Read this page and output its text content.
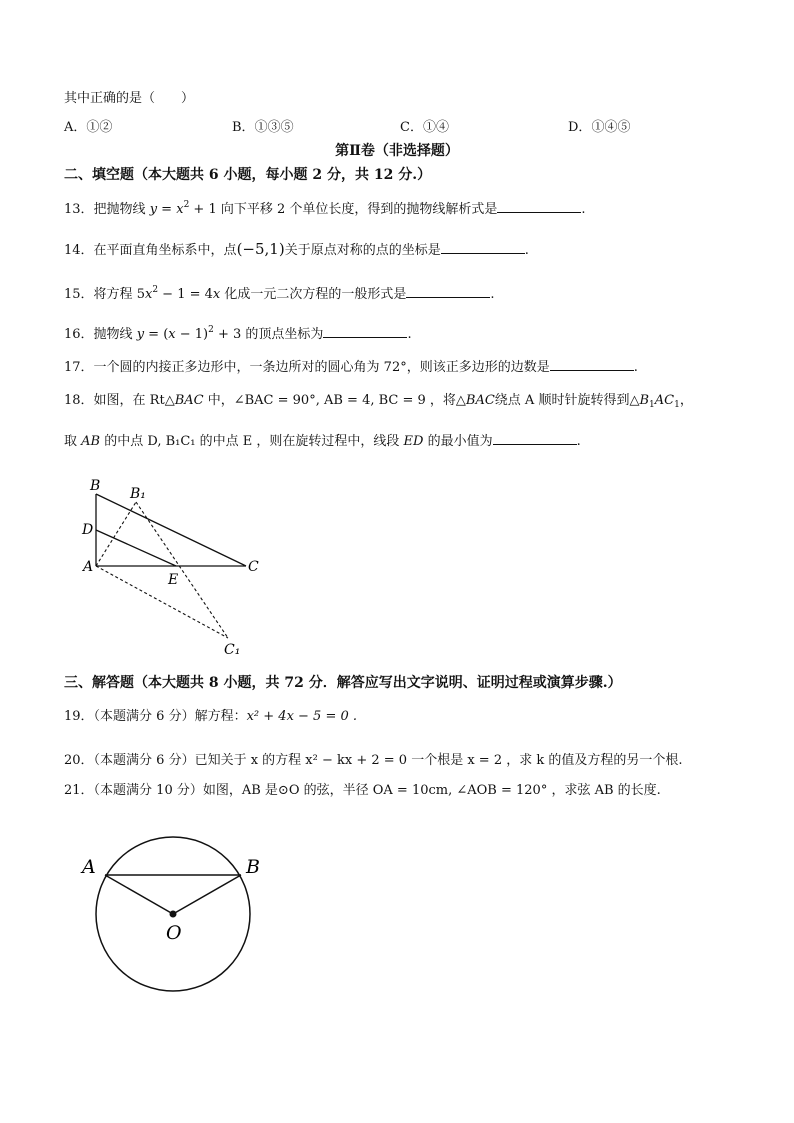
其中正确的是（　　）
A．①②	B．①③⑤	C．①④	D．①④⑤
第Ⅱ卷（非选择题）
二、填空题（本大题共 6 小题，每小题 2 分，共 12 分.）
13．把抛物线 $y = x^2 + 1$ 向下平移 2 个单位长度，得到的抛物线解析式是	.
14．在平面直角坐标系中，点(−5,1)关于原点对称的点的坐标是	.
15．将方程 $5x^2 - 1 = 4x$ 化成一元二次方程的一般形式是	.
16．抛物线 $y = (x - 1)^2 + 3$ 的顶点坐标为	.
17．一个圆的内接正多边形中，一条边所对的圆心角为 72°，则该正多边形的边数是	.
18．如图，在 Rt△BAC 中，∠BAC = 90°, AB = 4, BC = 9 ，将△BAC绕点 A 顺时针旋转得到$\triangle B_1AC_1$，
取 AB 的中点 D, B₁C₁ 的中点 E ，则在旋转过程中，线段 ED 的最小值为	.
B B₁
D
A
E
C
C₁
三、解答题（本大题共 8 小题，共 72 分．解答应写出文字说明、证明过程或演算步骤.）
19．（本题满分 6 分）解方程：x² + 4x − 5 = 0 .
20．（本题满分 6 分）已知关于 x 的方程 x² − kx + 2 = 0 一个根是 x = 2 ，求 k 的值及方程的另一个根.
21．（本题满分 10 分）如图，AB 是⊙O 的弦，半径 OA = 10cm, ∠AOB = 120° ，求弦 AB 的长度.
A	B
O
